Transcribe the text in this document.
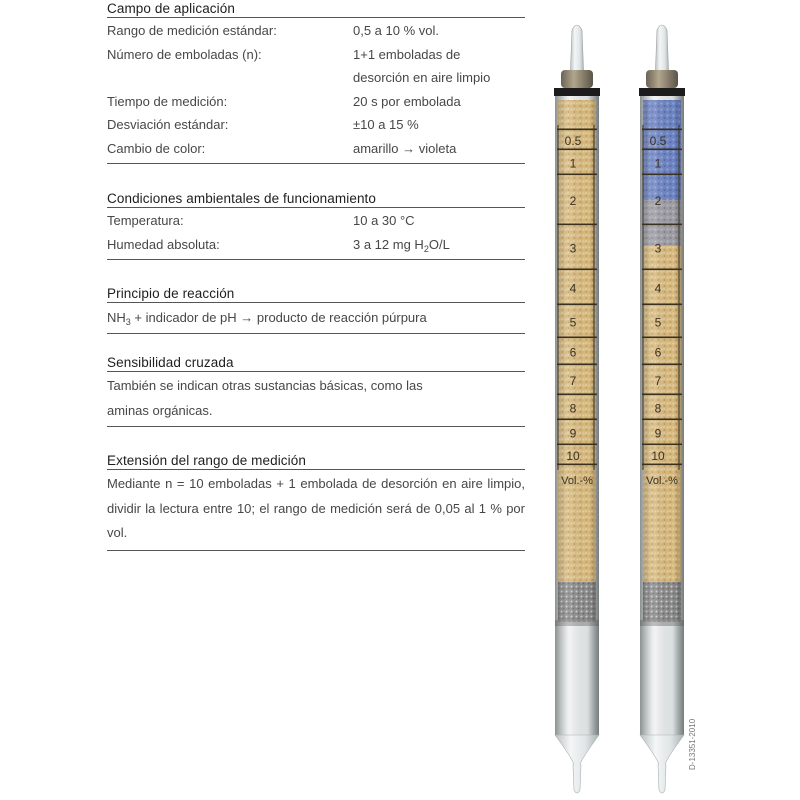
Campo de aplicación
Rango de medición estándar:	0,5 a 10 % vol.
Número de emboladas (n):	1+1 emboladas de
desorción en aire limpio
Tiempo de medición:	20 s por embolada
Desviación estándar:	±10 a 15 %
Cambio de color:	amarillo → violeta
Condiciones ambientales de funcionamiento
Temperatura:	10 a 30 °C
Humedad absoluta:	3 a 12 mg $H_2O/L$
Principio de reacción
$NH_3$ + indicador de pH → producto de reacción púrpura
Sensibilidad cruzada
También se indican otras sustancias básicas, como las
aminas orgánicas.
Extensión del rango de medición
Mediante n = 10 emboladas + 1 embolada de desorción en aire limpio, dividir la lectura entre 10; el rango de medición será de 0,05 al 1 % por vol.
0.5
1
2
3
4
5
6
7
8
9
10
Vol.-%
0.5
1
2
3
4
5
6
7
8
9
10
Vol.-%
D-13351-2010
